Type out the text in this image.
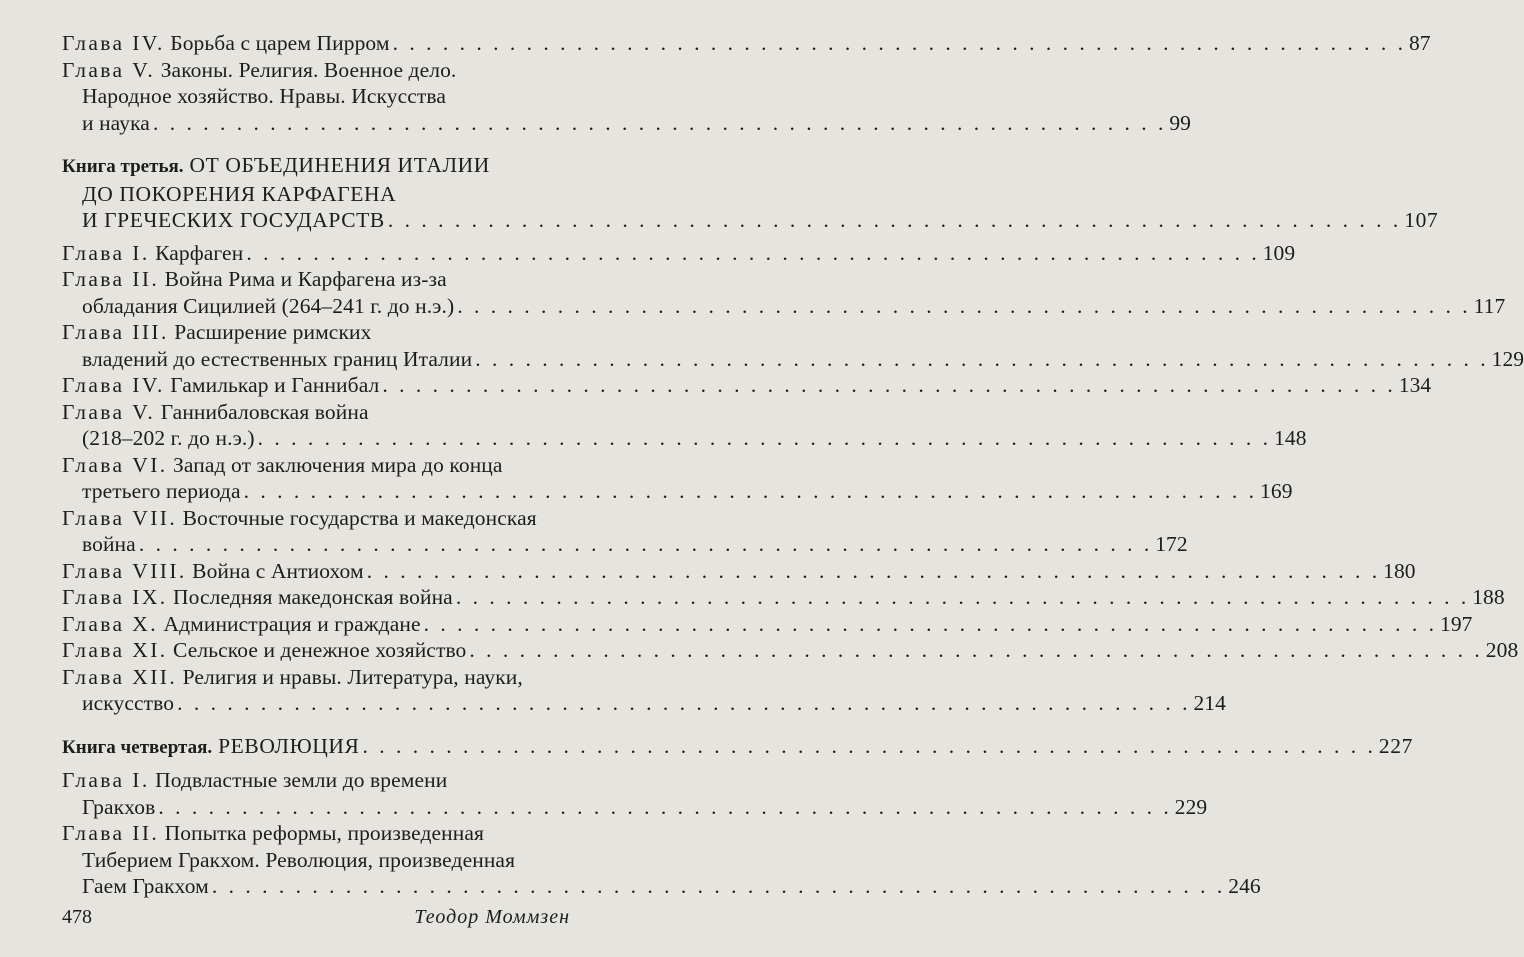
Глава IV. Борьба с царем Пирром . . .	87
Глава V. Законы. Религия. Военное дело.
Народное хозяйство. Нравы. Искусства
и наука . . .	99
Книга третья. ОТ ОБЪЕДИНЕНИЯ ИТАЛИИ
ДО ПОКОРЕНИЯ КАРФАГЕНА
И ГРЕЧЕСКИХ ГОСУДАРСТВ . . .	107
Глава I. Карфаген . . .	109
Глава II. Война Рима и Карфагена из-за
обладания Сицилией (264–241 г. до н.э.) . . .	117
Глава III. Расширение римских
владений до естественных границ Италии . . .	129
Глава IV. Гамилькар и Ганнибал . . .	134
Глава V. Ганнибаловская война
(218–202 г. до н.э.) . . .	148
Глава VI. Запад от заключения мира до конца
третьего периода . . .	169
Глава VII. Восточные государства и македонская
война . . .	172
Глава VIII. Война с Антиохом . . .	180
Глава IX. Последняя македонская война . . .	188
Глава X. Администрация и граждане . . .	197
Глава XI. Сельское и денежное хозяйство . . .	208
Глава XII. Религия и нравы. Литература, науки,
искусство . . .	214
Книга четвертая. РЕВОЛЮЦИЯ . . .	227
Глава I. Подвластные земли до времени
Гракхов . . .	229
Глава II. Попытка реформы, произведенная
Тиберием Гракхом. Революция, произведенная
Гаем Гракхом . . .	246
478	Теодор Моммзен
